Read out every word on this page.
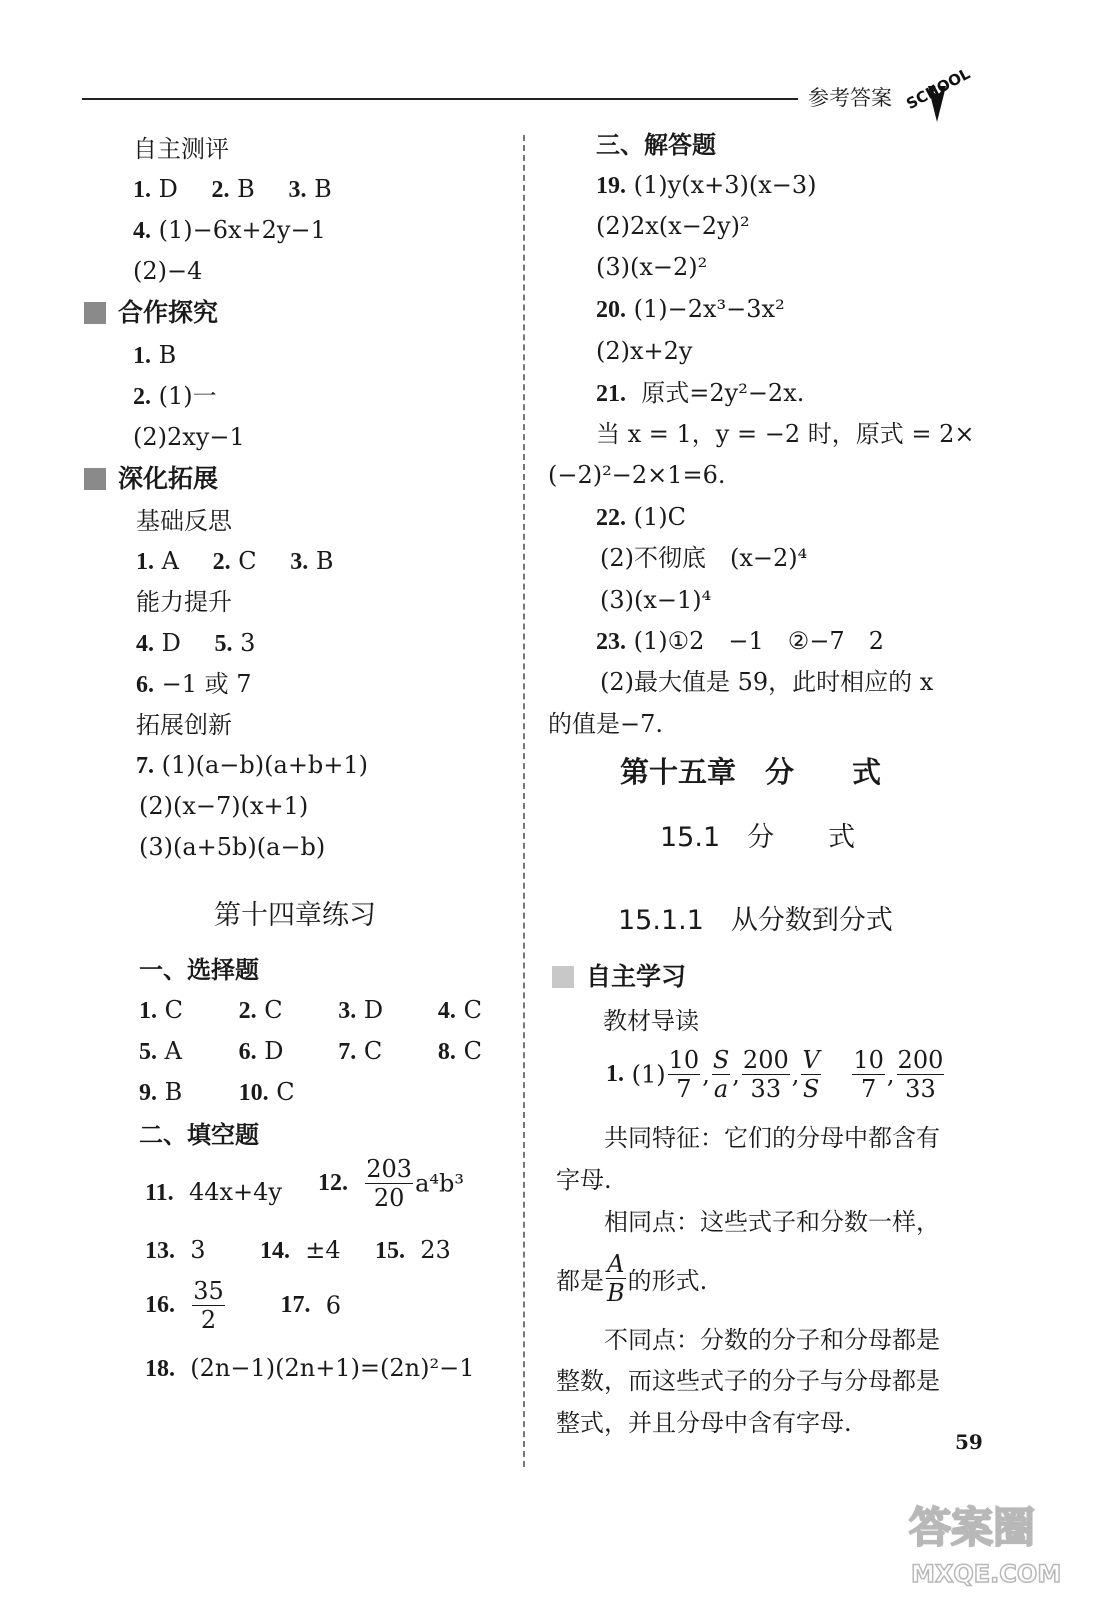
参考答案 SCHOOL
自主测评
1. D 2. B 3. B
4. (1)−6x+2y−1
(2)−4
合作探究
1. B
2. (1)一
(2)2xy−1
深化拓展
基础反思
1. A 2. C 3. B
能力提升
4. D 5. 3
6. −1 或 7
拓展创新
7. (1)(a−b)(a+b+1)
(2)(x−7)(x+1)
(3)(a+5b)(a−b)
第十四章练习
一、选择题
1. C 2. C 3. D 4. C
5. A 6. D 7. C 8. C
9. B 10. C
二、填空题
11. 44x+4y 12. $\frac{203}{20} a^4b^3$
13. 3 14. ±4 15. 23
16. $\frac{35}{2} 17$. 6
18. (2n−1)(2n+1)=(2n)²−1
三、解答题
19. (1)y(x+3)(x−3)
(2)2x(x−2y)²
(3)(x−2)²
20. (1)−2x³−3x²
(2)x+2y
21. 原式=2y²−2x.
当 x = 1，y = −2 时，原式 = 2×
(−2)²−2×1=6.
22. (1)C
(2)不彻底　(x−2)⁴
(3)(x−1)⁴
23. (1)①2　−1　②−7　2
(2)最大值是 59，此时相应的 x
的值是−7.
第十五章　分　　式
15.1　分　　式
15.1.1　从分数到分式
自主学习
教材导读
1. $(1) \frac{10}{7}$ , $\frac{S}{a}$ , $\frac{200}{33}$ , $\frac{V}{S}$
$\frac{10}{7}$ , $\frac{200}{33}$
共同特征：它们的分母中都含有
字母.
相同点：这些式子和分数一样，
都是 $\frac{A}{B}$ 的形式.
不同点：分数的分子和分母都是
整数，而这些式子的分子与分母都是
整式，并且分母中含有字母.
59
答案圈
MXQE.COM
